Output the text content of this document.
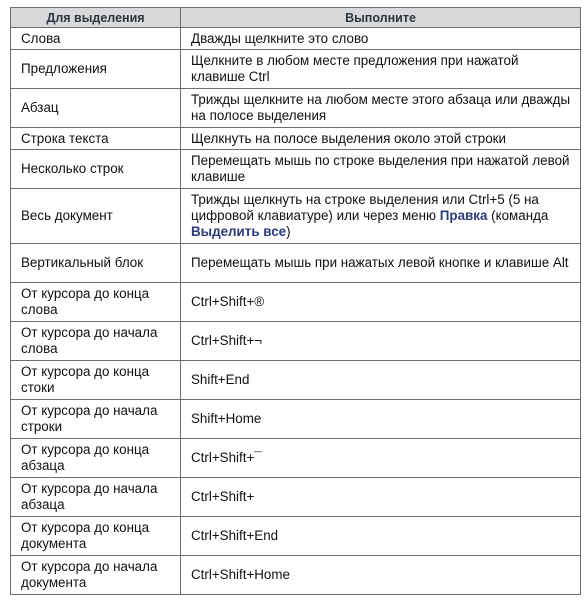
Для выделения	Выполните
Слова	Дважды щелкните это слово
Предложения	Щелкните в любом месте предложения при нажатой клавише Ctrl
Абзац	Трижды щелкните на любом месте этого абзаца или дважды на полосе выделения
Строка текста	Щелкнуть на полосе выделения около этой строки
Несколько строк	Перемещать мышь по строке выделения при нажатой левой клавише
Весь документ	Трижды щелкнуть на строке выделения или Ctrl+5 (5 на цифровой клавиатуре) или через меню Правка (команда Выделить все)
Вертикальный блок	Перемещать мышь при нажатых левой кнопке и клавише Alt
От курсора до конца слова	Ctrl+Shift+®
От курсора до начала слова	Ctrl+Shift+¬
От курсора до конца стоки	Shift+End
От курсора до начала строки	Shift+Home
От курсора до конца абзаца	Ctrl+Shift+¯
От курсора до начала абзаца	Ctrl+Shift+
От курсора до конца документа	Ctrl+Shift+End
От курсора до начала документа	Ctrl+Shift+Home
